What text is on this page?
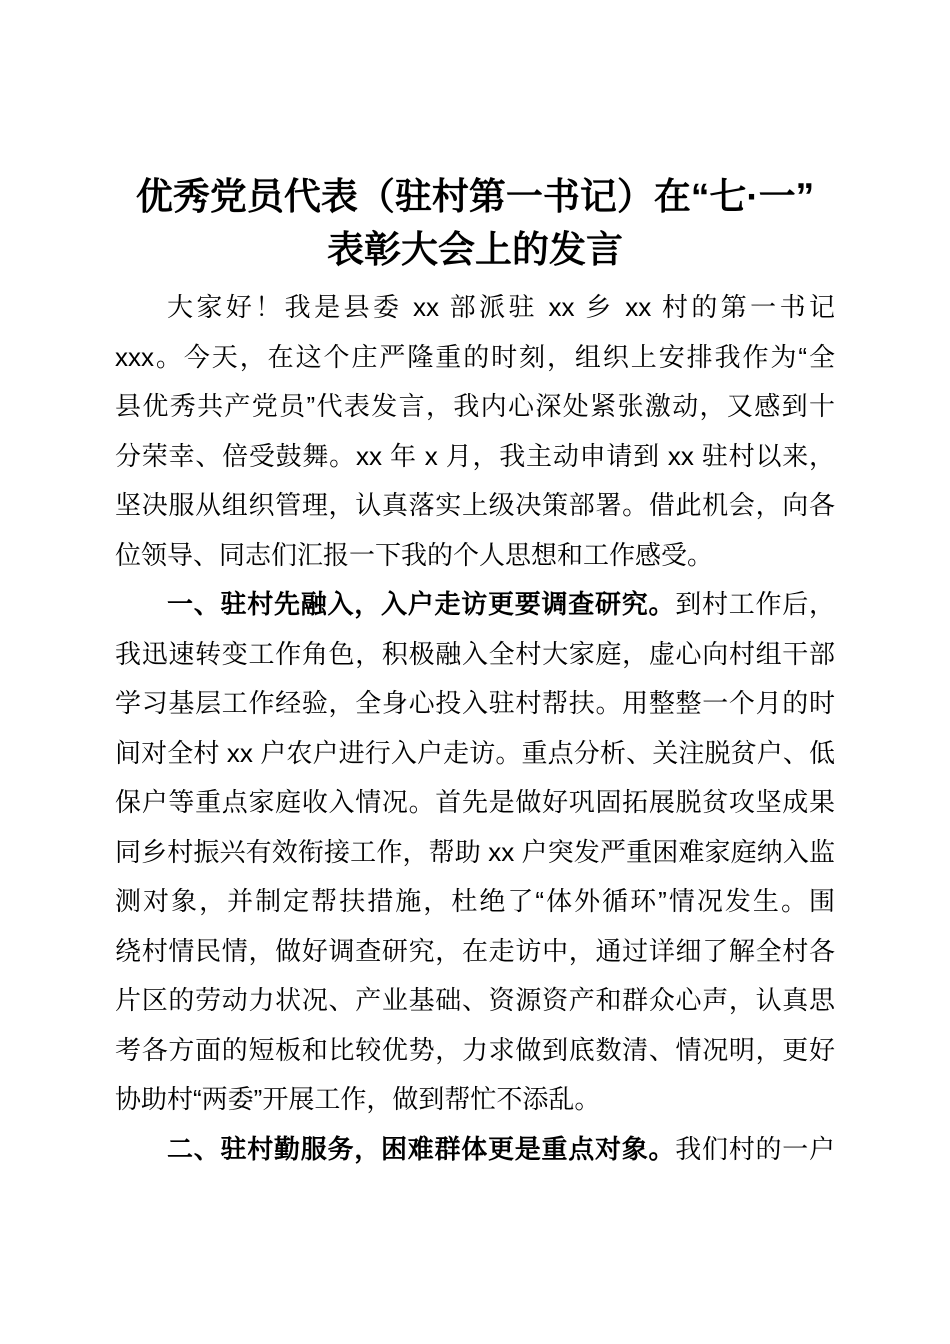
优秀党员代表（驻村第一书记）在“七·一”
表彰大会上的发言
大家好！我是县委 xx 部派驻 xx 乡 xx 村的第一书记
xxx。今天，在这个庄严隆重的时刻，组织上安排我作为“全
县优秀共产党员”代表发言，我内心深处紧张激动，又感到十
分荣幸、倍受鼓舞。xx 年 x 月，我主动申请到 xx 驻村以来，
坚决服从组织管理，认真落实上级决策部署。借此机会，向各
位领导、同志们汇报一下我的个人思想和工作感受。
一、驻村先融入，入户走访更要调查研究。到村工作后，
我迅速转变工作角色，积极融入全村大家庭，虚心向村组干部
学习基层工作经验，全身心投入驻村帮扶。用整整一个月的时
间对全村 xx 户农户进行入户走访。重点分析、关注脱贫户、低
保户等重点家庭收入情况。首先是做好巩固拓展脱贫攻坚成果
同乡村振兴有效衔接工作，帮助 xx 户突发严重困难家庭纳入监
测对象，并制定帮扶措施，杜绝了“体外循环”情况发生。围
绕村情民情，做好调查研究，在走访中，通过详细了解全村各
片区的劳动力状况、产业基础、资源资产和群众心声，认真思
考各方面的短板和比较优势，力求做到底数清、情况明，更好
协助村“两委”开展工作，做到帮忙不添乱。
二、驻村勤服务，困难群体更是重点对象。我们村的一户
